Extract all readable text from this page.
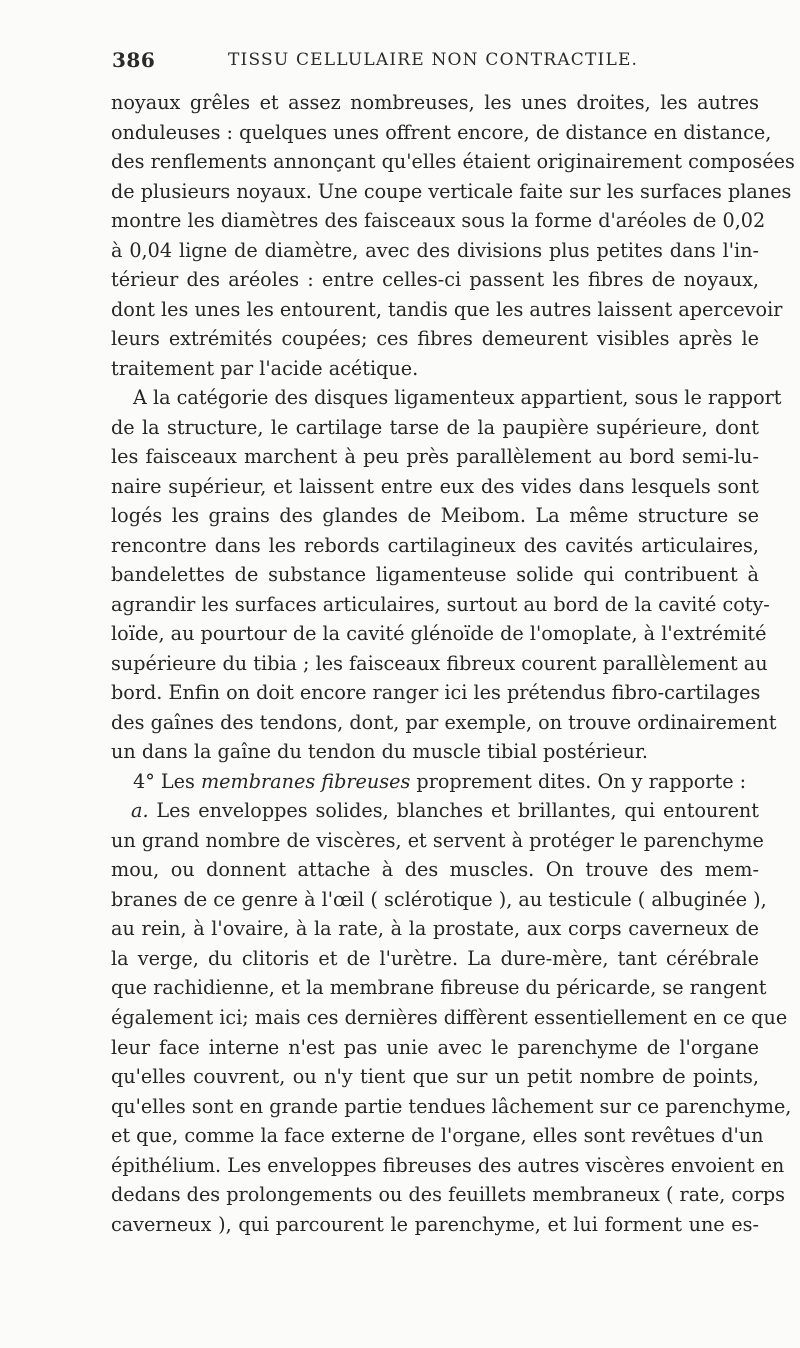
386	TISSU CELLULAIRE NON CONTRACTILE.
noyaux grêles et assez nombreuses, les unes droites, les autres
onduleuses : quelques unes offrent encore, de distance en distance,
des renflements annonçant qu'elles étaient originairement composées
de plusieurs noyaux. Une coupe verticale faite sur les surfaces planes
montre les diamètres des faisceaux sous la forme d'aréoles de 0,02
à 0,04 ligne de diamètre, avec des divisions plus petites dans l'in-
térieur des aréoles : entre celles-ci passent les fibres de noyaux,
dont les unes les entourent, tandis que les autres laissent apercevoir
leurs extrémités coupées; ces fibres demeurent visibles après le
traitement par l'acide acétique.
A la catégorie des disques ligamenteux appartient, sous le rapport
de la structure, le cartilage tarse de la paupière supérieure, dont
les faisceaux marchent à peu près parallèlement au bord semi-lu-
naire supérieur, et laissent entre eux des vides dans lesquels sont
logés les grains des glandes de Meibom. La même structure se
rencontre dans les rebords cartilagineux des cavités articulaires,
bandelettes de substance ligamenteuse solide qui contribuent à
agrandir les surfaces articulaires, surtout au bord de la cavité coty-
loïde, au pourtour de la cavité glénoïde de l'omoplate, à l'extrémité
supérieure du tibia ; les faisceaux fibreux courent parallèlement au
bord. Enfin on doit encore ranger ici les prétendus fibro-cartilages
des gaînes des tendons, dont, par exemple, on trouve ordinairement
un dans la gaîne du tendon du muscle tibial postérieur.
4° Les membranes fibreuses proprement dites. On y rapporte :
a. Les enveloppes solides, blanches et brillantes, qui entourent
un grand nombre de viscères, et servent à protéger le parenchyme
mou, ou donnent attache à des muscles. On trouve des mem-
branes de ce genre à l'œil ( sclérotique ), au testicule ( albuginée ),
au rein, à l'ovaire, à la rate, à la prostate, aux corps caverneux de
la verge, du clitoris et de l'urètre. La dure-mère, tant cérébrale
que rachidienne, et la membrane fibreuse du péricarde, se rangent
également ici; mais ces dernières diffèrent essentiellement en ce que
leur face interne n'est pas unie avec le parenchyme de l'organe
qu'elles couvrent, ou n'y tient que sur un petit nombre de points,
qu'elles sont en grande partie tendues lâchement sur ce parenchyme,
et que, comme la face externe de l'organe, elles sont revêtues d'un
épithélium. Les enveloppes fibreuses des autres viscères envoient en
dedans des prolongements ou des feuillets membraneux ( rate, corps
caverneux ), qui parcourent le parenchyme, et lui forment une es-
